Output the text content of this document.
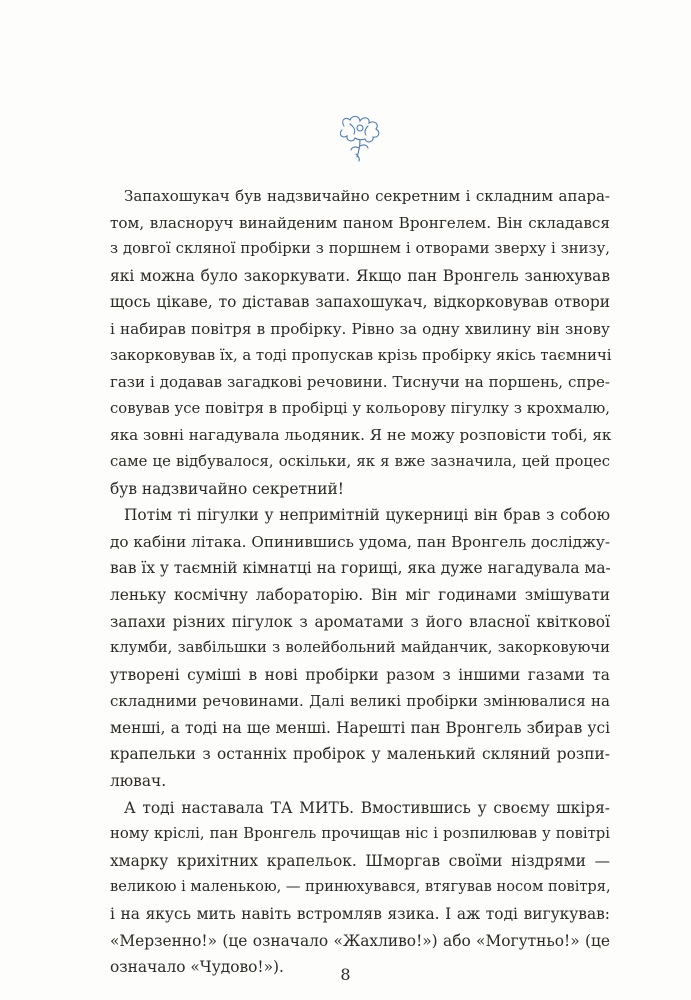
Запахошукач був надзвичайно секретним і складним апара-
том, власноруч винайденим паном Вронгелем. Він складався
з довгої скляної пробірки з поршнем і отворами зверху і знизу,
які можна було закоркувати. Якщо пан Вронгель занюхував
щось цікаве, то діставав запахошукач, відкорковував отвори
і набирав повітря в пробірку. Рівно за одну хвилину він знову
закорковував їх, а тоді пропускав крізь пробірку якісь таємничі
гази і додавав загадкові речовини. Тиснучи на поршень, спре-
совував усе повітря в пробірці у кольорову пігулку з крохмалю,
яка зовні нагадувала льодяник. Я не можу розповісти тобі, як
саме це відбувалося, оскільки, як я вже зазначила, цей процес
був надзвичайно секретний!

Потім ті пігулки у непримітній цукерниці він брав з собою
до кабіни літака. Опинившись удома, пан Вронгель досліджу-
вав їх у таємній кімнатці на горищі, яка дуже нагадувала ма-
леньку космічну лабораторію. Він міг годинами змішувати
запахи різних пігулок з ароматами з його власної квіткової
клумби, завбільшки з волейбольний майданчик, закорковуючи
утворені суміші в нові пробірки разом з іншими газами та
складними речовинами. Далі великі пробірки змінювалися на
менші, а тоді на ще менші. Нарешті пан Вронгель збирав усі
крапельки з останніх пробірок у маленький скляний розпи-
лювач.

А тоді наставала ТА МИТЬ. Вмостившись у своєму шкіря-
ному кріслі, пан Вронгель прочищав ніс і розпилював у повітрі
хмарку крихітних крапельок. Шморгав своїми ніздрями —
великою і маленькою, — принюхувався, втягував носом повітря,
і на якусь мить навіть встромляв язика. І аж тоді вигукував:
«Мерзенно!» (це означало «Жахливо!») або «Могутньо!» (це
означало «Чудово!»).	8
